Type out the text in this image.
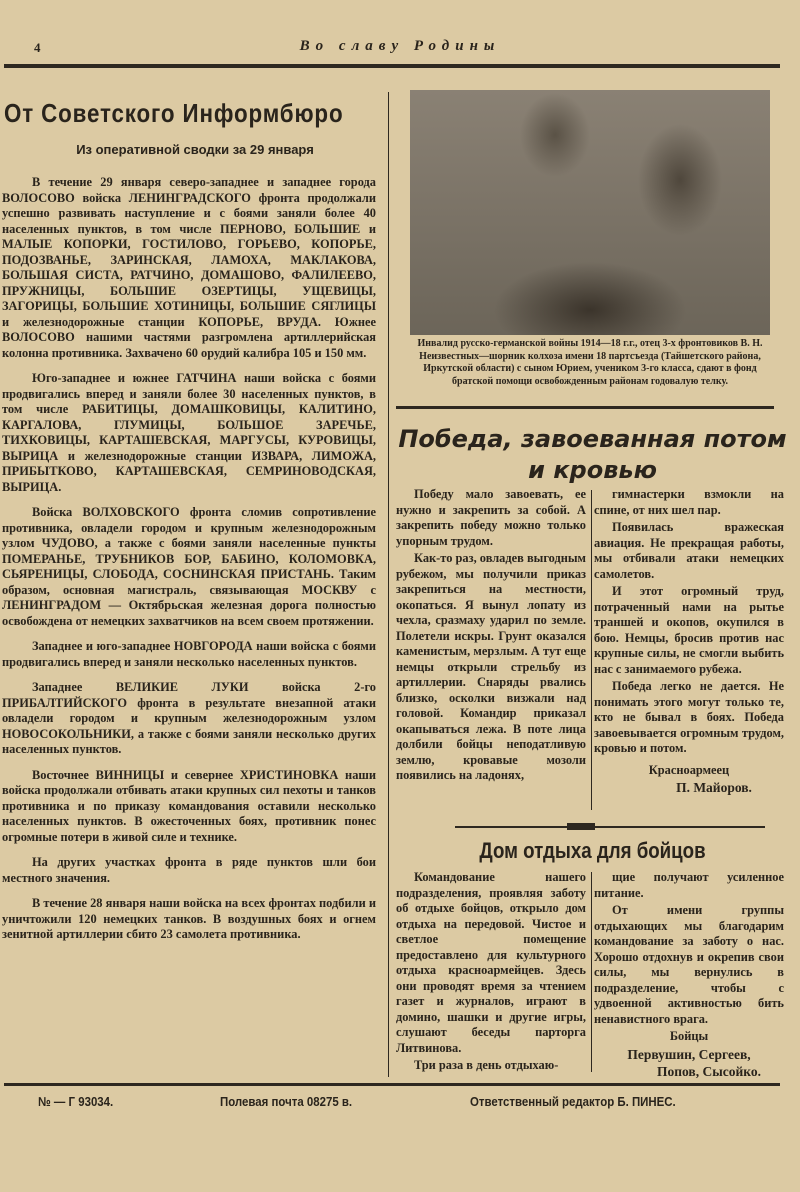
4	Во славу Родины
От Советского Информбюро
Из оперативной сводки за 29 января

В течение 29 января северо-западнее и западнее города ВОЛОСОВО войска ЛЕНИНГРАДСКОГО фронта продолжали успешно развивать наступление и с боями заняли более 40 населенных пунктов, в том числе ПЕРНОВО, БОЛЬШИЕ и МАЛЫЕ КОПОРКИ, ГОСТИЛОВО, ГОРЬЕВО, КОПОРЬЕ, ПОДОЗВАНЬЕ, ЗАРИНСКАЯ, ЛАМОХА, МАКЛАКОВА, БОЛЬШАЯ СИСТА, РАТЧИНО, ДОМАШОВО, ФАЛИЛЕЕВО, ПРУЖНИЦЫ, БОЛЬШИЕ ОЗЕРТИЦЫ, УЩЕВИЦЫ, ЗАГОРИЦЫ, БОЛЬШИЕ ХОТИНИЦЫ, БОЛЬШИЕ СЯГЛИЦЫ и железнодорожные станции КОПОРЬЕ, ВРУДА. Южнее ВОЛОСОВО нашими частями разгромлена артиллерийская колонна противника. Захвачено 60 орудий калибра 105 и 150 мм.

Юго-западнее и южнее ГАТЧИНА наши войска с боями продвигались вперед и заняли более 30 населенных пунктов, в том числе РАБИТИЦЫ, ДОМАШКОВИЦЫ, КАЛИТИНО, КАРГАЛОВА, ГЛУМИЦЫ, БОЛЬШОЕ ЗАРЕЧЬЕ, ТИХКОВИЦЫ, КАРТАШЕВСКАЯ, МАРГУСЫ, КУРОВИЦЫ, ВЫРИЦА и железнодорожные станции ИЗВАРА, ЛИМОЖА, ПРИБЫТКОВО, КАРТАШЕВСКАЯ, СЕМРИНОВОДСКАЯ, ВЫРИЦА.

Войска ВОЛХОВСКОГО фронта сломив сопротивление противника, овладели городом и крупным железнодорожным узлом ЧУДОВО, а также с боями заняли населенные пункты ПОМЕРАНЬЕ, ТРУБНИКОВ БОР, БАБИНО, КОЛОМОВКА, СЬЯРЕНИЦЫ, СЛОБОДА, СОСНИНСКАЯ ПРИСТАНЬ. Таким образом, основная магистраль, связывающая МОСКВУ с ЛЕНИНГРАДОМ — Октябрьская железная дорога полностью освобождена от немецких захватчиков на всем своем протяжении.

Западнее и юго-западнее НОВГОРОДА наши войска с боями продвигались вперед и заняли несколько населенных пунктов.

Западнее ВЕЛИКИЕ ЛУКИ войска 2-го ПРИБАЛТИЙСКОГО фронта в результате внезапной атаки овладели городом и крупным железнодорожным узлом НОВОСОКОЛЬНИКИ, а также с боями заняли несколько других населенных пунктов.

Восточнее ВИННИЦЫ и севернее ХРИСТИНОВКА наши войска продолжали отбивать атаки крупных сил пехоты и танков противника и по приказу командования оставили несколько населенных пунктов. В ожесточенных боях, противник понес огромные потери в живой силе и технике.

На других участках фронта в ряде пунктов шли бои местного значения.

В течение 28 января наши войска на всех фронтах подбили и уничтожили 120 немецких танков. В воздушных боях и огнем зенитной артиллерии сбито 23 самолета противника.

Инвалид русско-германской войны 1914—18 г.г., отец 3-х фронтовиков В. Н. Неизвестных—шорник колхоза имени 18 партсъезда (Тайшетского района, Иркутской области) с сыном Юрием, учеником 3-го класса, сдают в фонд братской помощи освобожденным районам годовалую телку.
Победа, завоеванная потом и кровью

Победу мало завоевать, ее нужно и закрепить за собой. А закрепить победу можно только упорным трудом.

Как-то раз, овладев выгодным рубежом, мы получили приказ закрепиться на местности, окопаться. Я вынул лопату из чехла, сразмаху ударил по земле. Полетели искры. Грунт оказался каменистым, мерзлым. А тут еще немцы открыли стрельбу из артиллерии. Снаряды рвались близко, осколки визжали над головой. Командир приказал окапываться лежа. В поте лица долбили бойцы неподатливую землю, кровавые мозоли появились на ладонях,

гимнастерки взмокли на спине, от них шел пар.

Появилась вражеская авиация. Не прекращая работы, мы отбивали атаки немецких самолетов.

И этот огромный труд, потраченный нами на рытье траншей и окопов, окупился в бою. Немцы, бросив против нас крупные силы, не смогли выбить нас с занимаемого рубежа.

Победа легко не дается. Не понимать этого могут только те, кто не бывал в боях. Победа завоевывается огромным трудом, кровью и потом.

Красноармеец

П. Майоров.

Дом отдыха для бойцов

Командование нашего подразделения, проявляя заботу об отдыхе бойцов, открыло дом отдыха на передовой. Чистое и светлое помещение предоставлено для культурного отдыха красноармейцев. Здесь они проводят время за чтением газет и журналов, играют в домино, шашки и другие игры, слушают беседы парторга Литвинова.

Три раза в день отдыхаю-

щие получают усиленное питание.

От имени группы отдыхающих мы благодарим командование за заботу о нас. Хорошо отдохнув и окрепив свои силы, мы вернулись в подразделение, чтобы с удвоенной активностью бить ненавистного врага.

Бойцы

Первушин, Сергеев,

Попов, Сысойко.

№ — Г 93034.	Полевая почта 08275 в.	Ответственный редактор Б. ПИНЕС.
